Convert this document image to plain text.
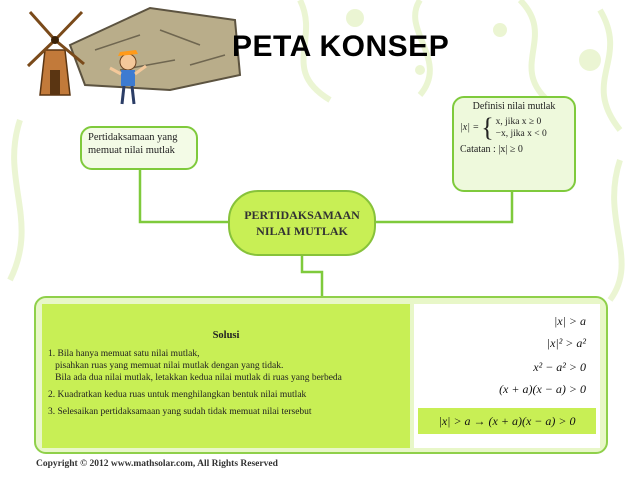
PETA KONSEP
Pertidaksamaan yang memuat nilai mutlak
PERTIDAKSAMAAN
NILAI MUTLAK
Definisi nilai mutlak
|x| = { x, jika x ≥ 0
−x, jika x < 0
Catatan : |x| ≥ 0
Solusi

1. Bila hanya memuat satu nilai mutlak,
pisahkan ruas yang memuat nilai mutlak dengan yang tidak.
Bila ada dua nilai mutlak, letakkan kedua nilai mutlak di ruas yang berbeda

2. Kuadratkan kedua ruas untuk menghilangkan bentuk nilai mutlak

3. Selesaikan pertidaksamaan yang sudah tidak memuat nilai tersebut

|x| > a
|x|² > a²
x² − a² > 0
(x + a)(x − a) > 0
|x| > a → (x + a)(x − a) > 0
Copyright © 2012 www.mathsolar.com, All Rights Reserved
